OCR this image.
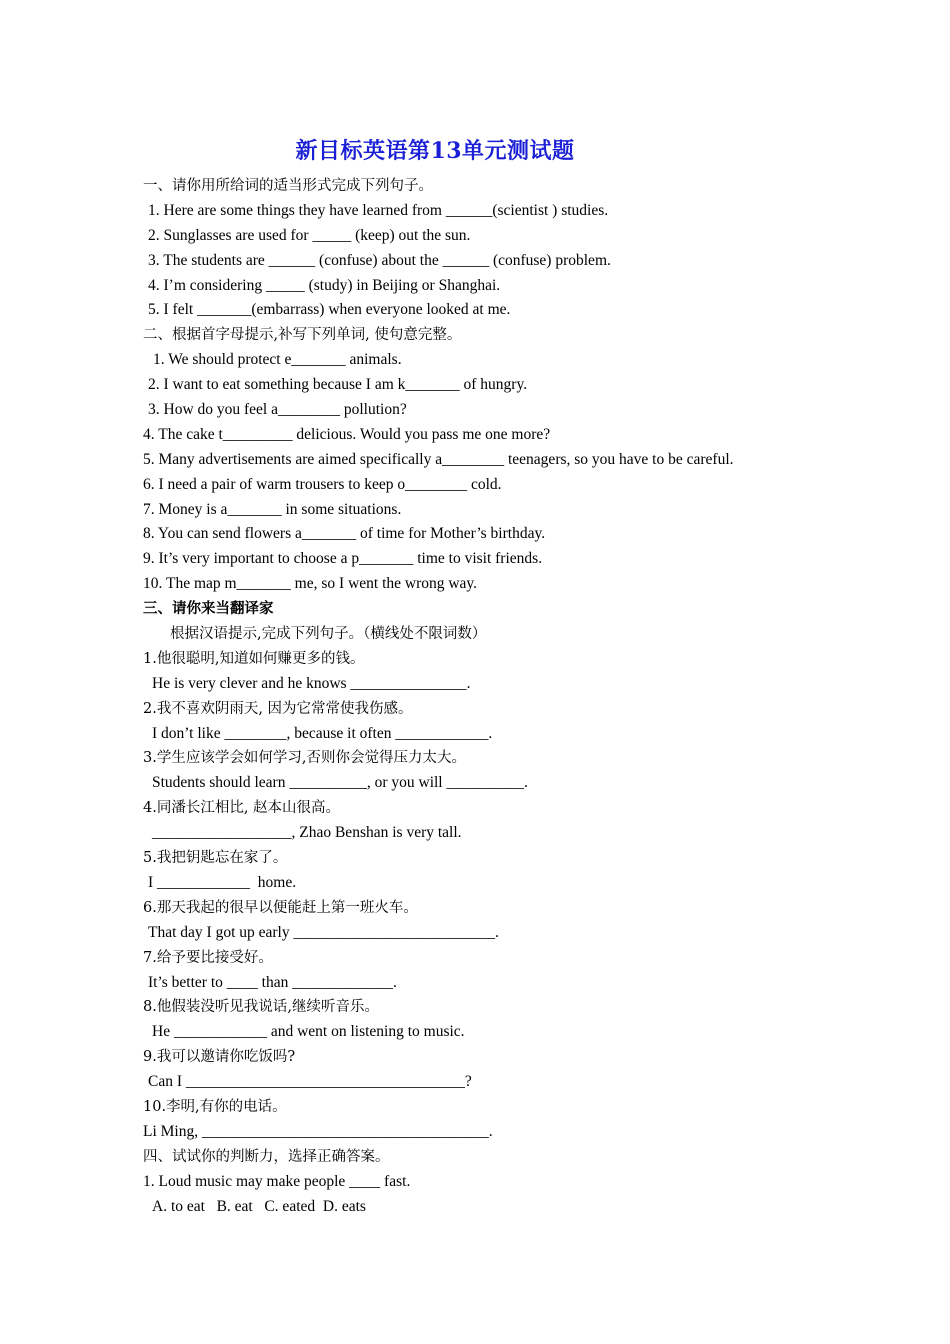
新目标英语第13单元测试题
一、请你用所给词的适当形式完成下列句子。
1. Here are some things they have learned from ______(scientist ) studies.
2. Sunglasses are used for _____ (keep) out the sun.
3. The students are ______ (confuse) about the ______ (confuse) problem.
4. I’m considering _____ (study) in Beijing or Shanghai.
5. I felt _______(embarrass) when everyone looked at me.
二、根据首字母提示,补写下列单词, 使句意完整。
1. We should protect e_______ animals.
2. I want to eat something because I am k_______ of hungry.
3. How do you feel a________ pollution?
4. The cake t_________ delicious. Would you pass me one more?
5. Many advertisements are aimed specifically a________ teenagers, so you have to be careful.
6. I need a pair of warm trousers to keep o________ cold.
7. Money is a_______ in some situations.
8. You can send flowers a_______ of time for Mother’s birthday.
9. It’s very important to choose a p_______ time to visit friends.
10. The map m_______ me, so I went the wrong way.
三、请你来当翻译家
根据汉语提示,完成下列句子。（横线处不限词数）
1.他很聪明,知道如何赚更多的钱。
He is very clever and he knows _______________.
2.我不喜欢阴雨天, 因为它常常使我伤感。
I don’t like ________, because it often ____________.
3.学生应该学会如何学习,否则你会觉得压力太大。
Students should learn __________, or you will __________.
4.同潘长江相比, 赵本山很高。
__________________, Zhao Benshan is very tall.
5.我把钥匙忘在家了。
I ____________  home.
6.那天我起的很早以便能赶上第一班火车。
That day I got up early __________________________.
7.给予要比接受好。
It’s better to ____ than _____________.
8.他假装没听见我说话,继续听音乐。
He ____________ and went on listening to music.
9.我可以邀请你吃饭吗?
Can I ____________________________________?
10.李明,有你的电话。
Li Ming, _____________________________________.
四、试试你的判断力，选择正确答案。
1. Loud music may make people ____ fast.
A. to eat   B. eat   C. eated  D. eats
